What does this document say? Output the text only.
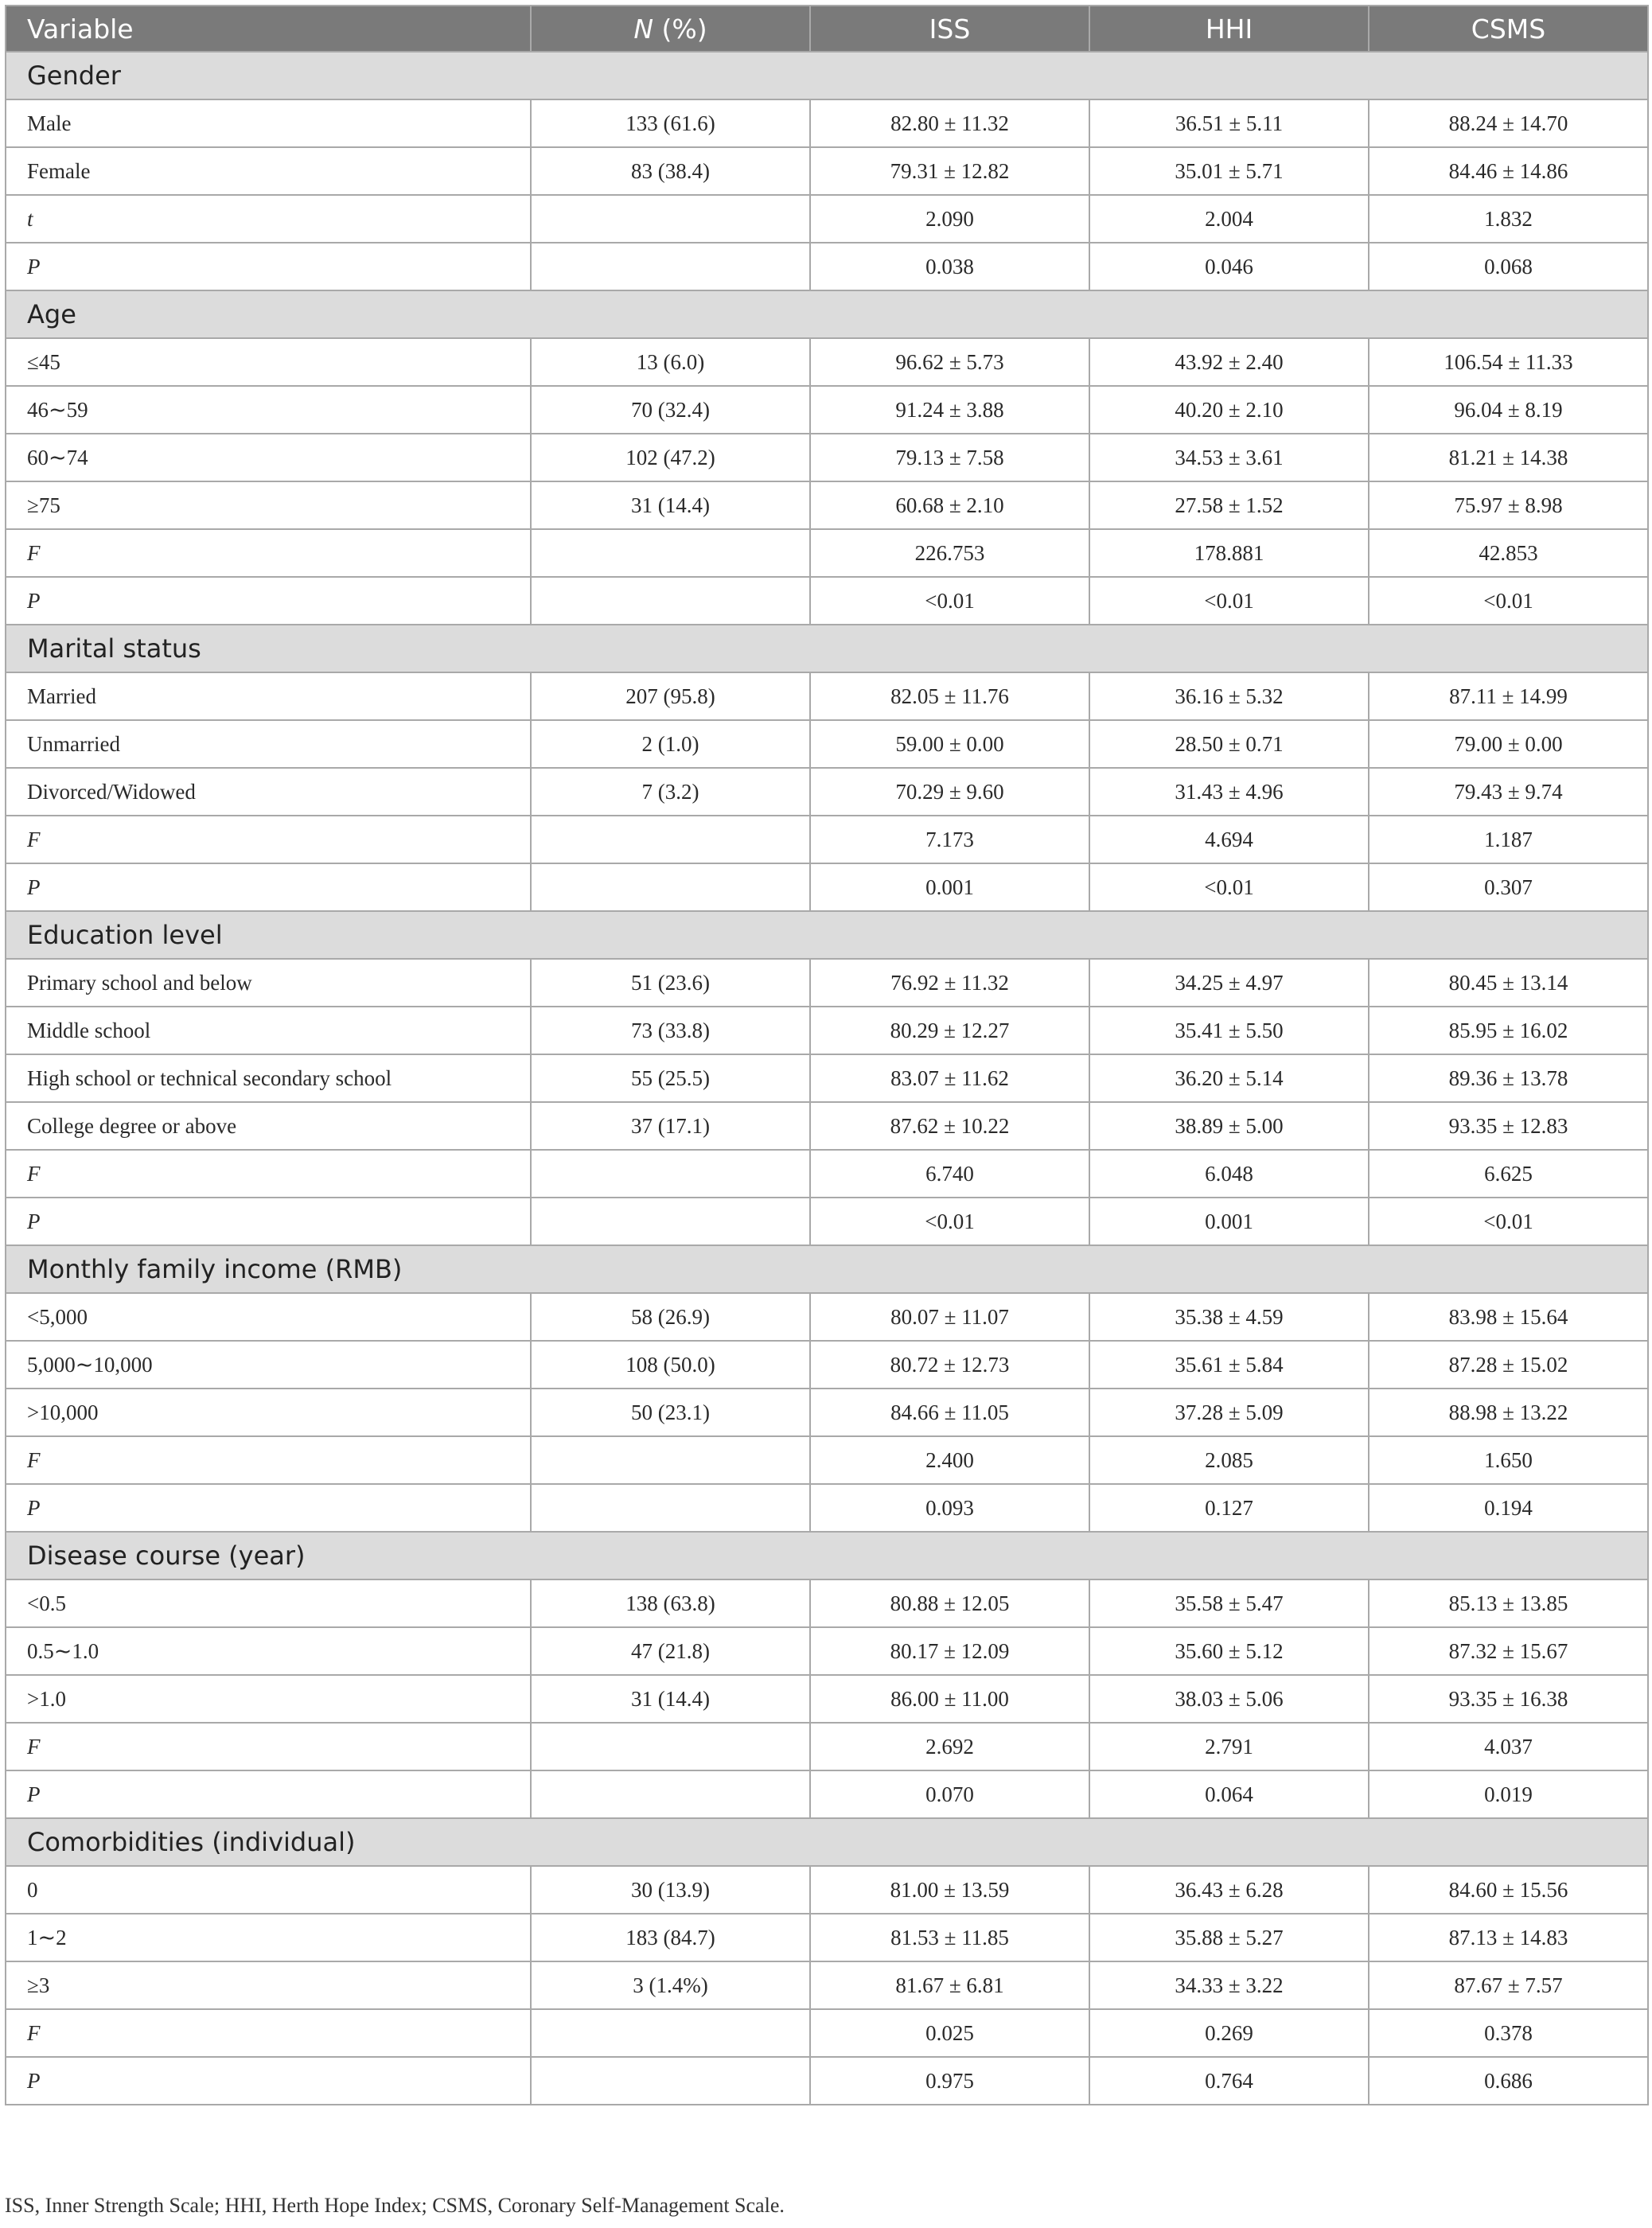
Variable	N (%)	ISS	HHI	CSMS
Gender				
Male	133 (61.6)	82.80 ± 11.32	36.51 ± 5.11	88.24 ± 14.70
Female	83 (38.4)	79.31 ± 12.82	35.01 ± 5.71	84.46 ± 14.86
t		2.090	2.004	1.832
P		0.038	0.046	0.068
Age				
≤45	13 (6.0)	96.62 ± 5.73	43.92 ± 2.40	106.54 ± 11.33
46∼59	70 (32.4)	91.24 ± 3.88	40.20 ± 2.10	96.04 ± 8.19
60∼74	102 (47.2)	79.13 ± 7.58	34.53 ± 3.61	81.21 ± 14.38
≥75	31 (14.4)	60.68 ± 2.10	27.58 ± 1.52	75.97 ± 8.98
F		226.753	178.881	42.853
P		<0.01	<0.01	<0.01
Marital status				
Married	207 (95.8)	82.05 ± 11.76	36.16 ± 5.32	87.11 ± 14.99
Unmarried	2 (1.0)	59.00 ± 0.00	28.50 ± 0.71	79.00 ± 0.00
Divorced/Widowed	7 (3.2)	70.29 ± 9.60	31.43 ± 4.96	79.43 ± 9.74
F		7.173	4.694	1.187
P		0.001	<0.01	0.307
Education level				
Primary school and below	51 (23.6)	76.92 ± 11.32	34.25 ± 4.97	80.45 ± 13.14
Middle school	73 (33.8)	80.29 ± 12.27	35.41 ± 5.50	85.95 ± 16.02
High school or technical secondary school	55 (25.5)	83.07 ± 11.62	36.20 ± 5.14	89.36 ± 13.78
College degree or above	37 (17.1)	87.62 ± 10.22	38.89 ± 5.00	93.35 ± 12.83
F		6.740	6.048	6.625
P		<0.01	0.001	<0.01
Monthly family income (RMB)				
<5,000	58 (26.9)	80.07 ± 11.07	35.38 ± 4.59	83.98 ± 15.64
5,000∼10,000	108 (50.0)	80.72 ± 12.73	35.61 ± 5.84	87.28 ± 15.02
>10,000	50 (23.1)	84.66 ± 11.05	37.28 ± 5.09	88.98 ± 13.22
F		2.400	2.085	1.650
P		0.093	0.127	0.194
Disease course (year)				
<0.5	138 (63.8)	80.88 ± 12.05	35.58 ± 5.47	85.13 ± 13.85
0.5∼1.0	47 (21.8)	80.17 ± 12.09	35.60 ± 5.12	87.32 ± 15.67
>1.0	31 (14.4)	86.00 ± 11.00	38.03 ± 5.06	93.35 ± 16.38
F		2.692	2.791	4.037
P		0.070	0.064	0.019
Comorbidities (individual)				
0	30 (13.9)	81.00 ± 13.59	36.43 ± 6.28	84.60 ± 15.56
1∼2	183 (84.7)	81.53 ± 11.85	35.88 ± 5.27	87.13 ± 14.83
≥3	3 (1.4%)	81.67 ± 6.81	34.33 ± 3.22	87.67 ± 7.57
F		0.025	0.269	0.378
P		0.975	0.764	0.686
ISS, Inner Strength Scale; HHI, Herth Hope Index; CSMS, Coronary Self-Management Scale.
